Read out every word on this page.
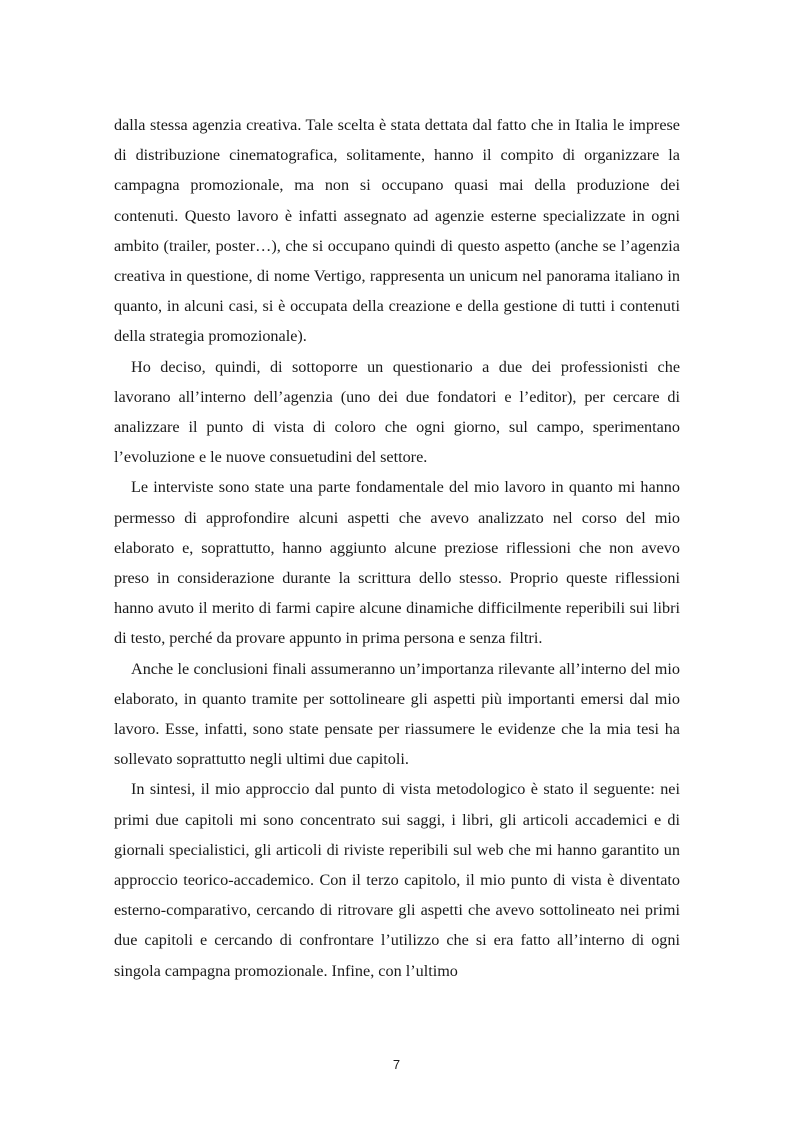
dalla stessa agenzia creativa. Tale scelta è stata dettata dal fatto che in Italia le imprese di distribuzione cinematografica, solitamente, hanno il compito di organizzare la campagna promozionale, ma non si occupano quasi mai della produzione dei contenuti. Questo lavoro è infatti assegnato ad agenzie esterne specializzate in ogni ambito (trailer, poster…), che si occupano quindi di questo aspetto (anche se l’agenzia creativa in questione, di nome Vertigo, rappresenta un unicum nel panorama italiano in quanto, in alcuni casi, si è occupata della creazione e della gestione di tutti i contenuti della strategia promozionale).

Ho deciso, quindi, di sottoporre un questionario a due dei professionisti che lavorano all’interno dell’agenzia (uno dei due fondatori e l’editor), per cercare di analizzare il punto di vista di coloro che ogni giorno, sul campo, sperimentano l’evoluzione e le nuove consuetudini del settore.

Le interviste sono state una parte fondamentale del mio lavoro in quanto mi hanno permesso di approfondire alcuni aspetti che avevo analizzato nel corso del mio elaborato e, soprattutto, hanno aggiunto alcune preziose riflessioni che non avevo preso in considerazione durante la scrittura dello stesso. Proprio queste riflessioni hanno avuto il merito di farmi capire alcune dinamiche difficilmente reperibili sui libri di testo, perché da provare appunto in prima persona e senza filtri.

Anche le conclusioni finali assumeranno un’importanza rilevante all’interno del mio elaborato, in quanto tramite per sottolineare gli aspetti più importanti emersi dal mio lavoro. Esse, infatti, sono state pensate per riassumere le evidenze che la mia tesi ha sollevato soprattutto negli ultimi due capitoli.

In sintesi, il mio approccio dal punto di vista metodologico è stato il seguente: nei primi due capitoli mi sono concentrato sui saggi, i libri, gli articoli accademici e di giornali specialistici, gli articoli di riviste reperibili sul web che mi hanno garantito un approccio teorico-accademico. Con il terzo capitolo, il mio punto di vista è diventato esterno-comparativo, cercando di ritrovare gli aspetti che avevo sottolineato nei primi due capitoli e cercando di confrontare l’utilizzo che si era fatto all’interno di ogni singola campagna promozionale. Infine, con l’ultimo

7
